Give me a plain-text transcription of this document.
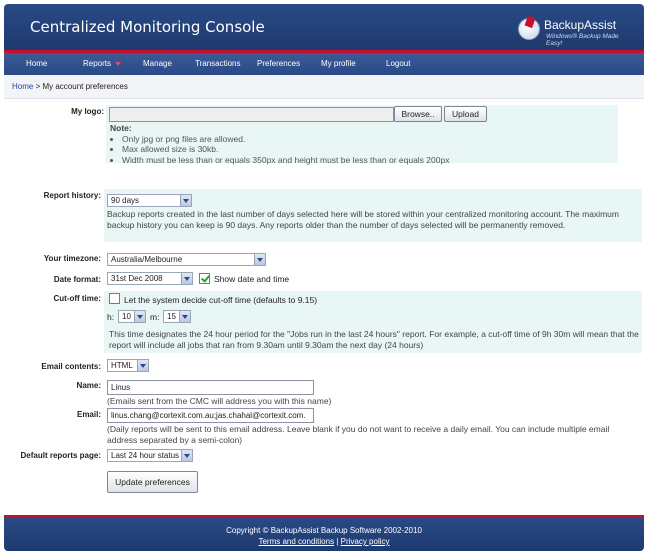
Centralized Monitoring Console	BackupAssist
Windows® Backup Made Easy!
Home	Reports	Manage	Transactions Preferences	My profile	Logout
Home > My account preferences
My logo:	Browse..	Upload
Note:
• Only jpg or png files are allowed.
• Max allowed size is 30kb.
• Width must be less than or equals 350px and height must be less than or equals 200px
Report history:
90 days
Backup reports created in the last number of days selected here will be stored within your centralized monitoring account. The maximum backup history you can keep is 90 days. Any reports older than the number of days selected will be permanently removed.
Your timezone:	Australia/Melbourne
Date format:	31st Dec 2008	Show date and time
Cut-off time:	Let the system decide cut-off time (defaults to 9.15)
h: 10	m: 15
This time designates the 24 hour period for the "Jobs run in the last 24 hours" report. For example, a cut-off time of 9h 30m will mean that the report will include all jobs that ran from 9.30am until 9.30am the next day (24 hours)
Email contents:	HTML
Name:	Linus
(Emails sent from the CMC will address you with this name)
Email:	linus.chang@cortexit.com.au;jas.chahal@cortexit.com.
(Daily reports will be sent to this email address. Leave blank if you do not want to receive a daily email. You can include multiple email address separated by a semi-colon)
Default reports page:	Last 24 hour status
Update preferences
Copyright © BackupAssist Backup Software 2002-2010
Terms and conditions | Privacy policy
